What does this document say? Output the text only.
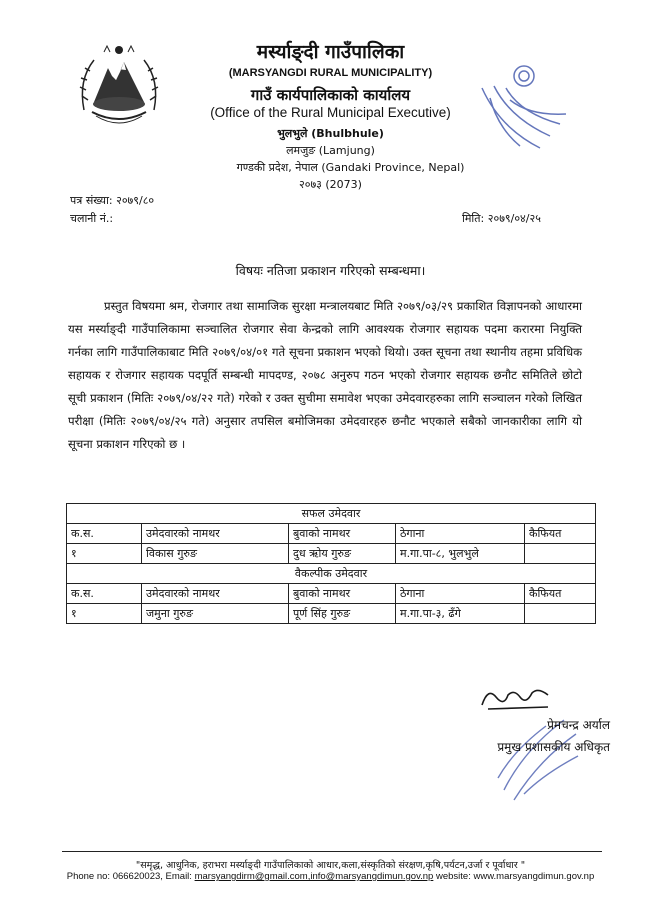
मर्स्याङ्दी गाउँपालिका
(MARSYANGDI RURAL MUNICIPALITY)
गाउँ कार्यपालिकाको कार्यालय
(Office of the Rural Municipal Executive)
भुलभुले (Bhulbhule)
लमजुङ (Lamjung)
गण्डकी प्रदेश, नेपाल (Gandaki Province, Nepal)
२०७३ (2073)
पत्र संख्या: २०७९/८०
चलानी नं.:	मिति: २०७९/०४/२५
विषयः नतिजा प्रकाशन गरिएको सम्बन्धमा।
प्रस्तुत विषयमा श्रम, रोजगार तथा सामाजिक सुरक्षा मन्त्रालयबाट मिति २०७९/०३/२९ प्रकाशित विज्ञापनको आधारमा यस मर्स्याङ्दी गाउँपालिकामा सञ्चालित रोजगार सेवा केन्द्रको लागि आवश्यक रोजगार सहायक पदमा करारमा नियुक्ति गर्नका लागि गाउँपालिकाबाट मिति २०७९/०४/०१ गते सूचना प्रकाशन भएको थियो। उक्त सूचना तथा स्थानीय तहमा प्रविधिक सहायक र रोजगार सहायक पदपूर्ति सम्बन्धी मापदण्ड, २०७८ अनुरुप गठन भएको रोजगार सहायक छनौट समितिले छोटो सूची प्रकाशन (मितिः २०७९/०४/२२ गते) गरेको र उक्त सुचीमा समावेश भएका उमेदवारहरुका लागि सञ्चालन गरेको लिखित परीक्षा (मितिः २०७९/०४/२५ गते) अनुसार तपसिल बमोजिमका उमेदवारहरु छनौट भएकाले सबैको जानकारीका लागि यो सूचना प्रकाशन गरिएको छ ।
सफल उमेदवार				
क.स.	उमेदवारको नामथर	बुवाको नामथर	ठेगाना	कैफियत
१	विकास गुरुङ	दुध ऋोय गुरुङ	म.गा.पा-८, भुलभुले	
वैकल्पीक उमेदवार				
क.स.	उमेदवारको नामथर	बुवाको नामथर	ठेगाना	कैफियत
१	जमुना गुरुङ	पूर्ण सिंह गुरुङ	म.गा.पा-३, ढँगे	
प्रेमचन्द्र अर्याल
प्रमुख प्रशासकीय अधिकृत
"समृद्ध, आधुनिक, हराभरा मर्स्याङ्दी गाउँपालिकाको आधार,कला,संस्कृतिको संरक्षण,कृषि,पर्यटन,उर्जा र पूर्वाधार "
Phone no: 066620023, Email: marsyangdirm@gmail.com,info@marsyangdimun.gov.np website: www.marsyangdimun.gov.np
